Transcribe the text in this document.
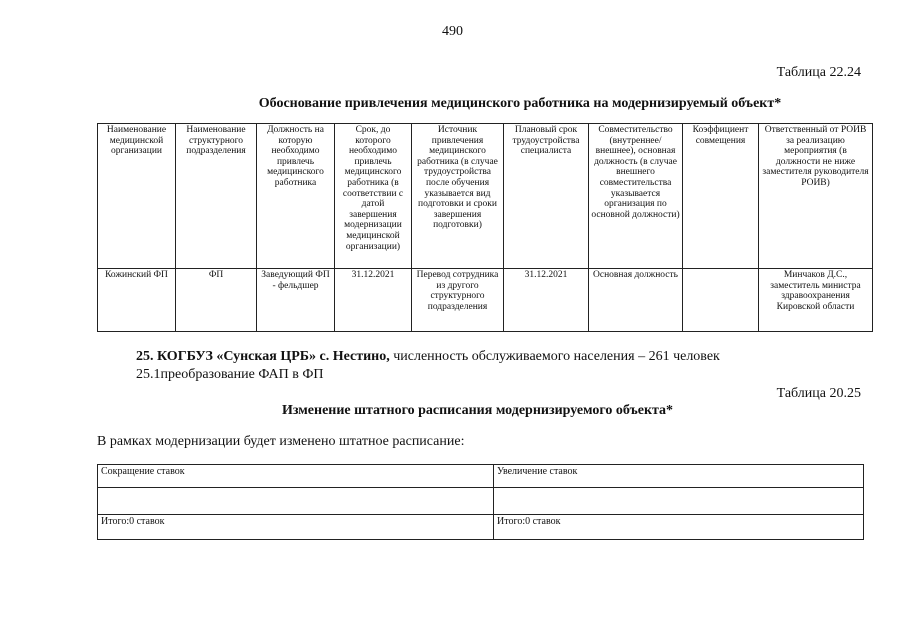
490
Таблица 22.24
Обоснование привлечения медицинского работника на модернизируемый объект*
Наименование медицинской организации	Наименование структурного подразделения	Должность на которую необходимо привлечь медицинского работника	Срок, до которого необходимо привлечь медицинского работника (в соответствии с датой завершения модернизации медицинской организации)	Источник привлечения медицинского работника (в случае трудоустройства после обучения указывается вид подготовки и сроки завершения подготовки)	Плановый срок трудоустройства специалиста	Совместительство (внутреннее/внешнее), основная должность (в случае внешнего совместительства указывается организация по основной должности)	Коэффициент совмещения	Ответственный от РОИВ за реализацию мероприятия (в должности не ниже заместителя руководителя РОИВ)
Кожинский ФП	ФП	Заведующий ФП - фельдшер	31.12.2021	Перевод сотрудника из другого структурного подразделения	31.12.2021	Основная должность		Минчаков Д.С., заместитель министра здравоохранения Кировской области
25. КОГБУЗ «Сунская ЦРБ» с. Нестино, численность обслуживаемого населения – 261 человек
25.1преобразование ФАП в ФП
Таблица 20.25
Изменение штатного расписания модернизируемого объекта*
В рамках модернизации будет изменено штатное расписание:
Сокращение ставок	Увеличение ставок

Итого:0 ставок	Итого:0 ставок
